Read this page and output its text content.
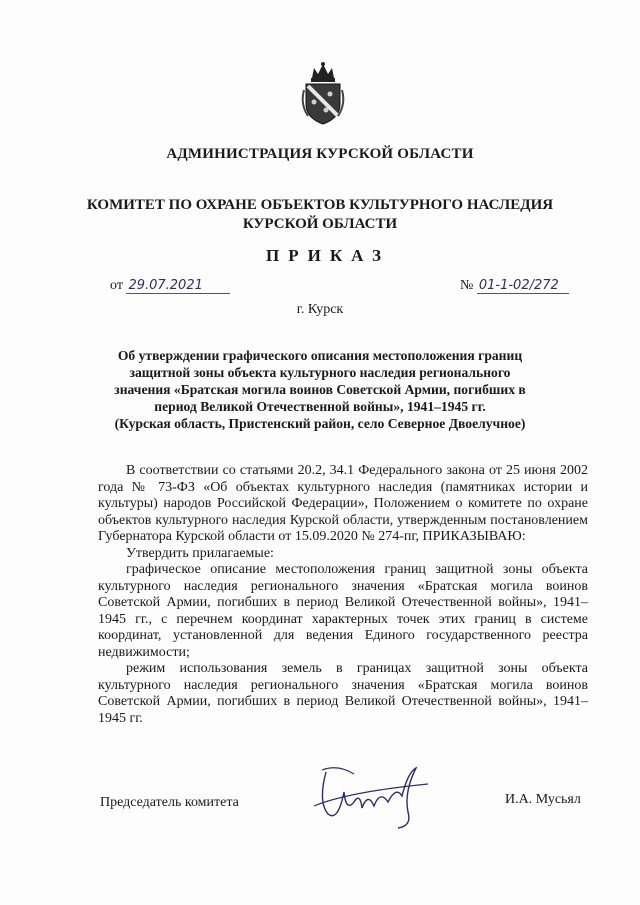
АДМИНИСТРАЦИЯ КУРСКОЙ ОБЛАСТИ
КОМИТЕТ ПО ОХРАНЕ ОБЪЕКТОВ КУЛЬТУРНОГО НАСЛЕДИЯ
КУРСКОЙ ОБЛАСТИ
ПРИКАЗ
от 29.07.2021	№ 01-1-02/272
г. Курск
Об утверждении графического описания местоположения границ
защитной зоны объекта культурного наследия регионального
значения «Братская могила воинов Советской Армии, погибших в
период Великой Отечественной войны», 1941–1945 гг.
(Курская область, Пристенский район, село Северное Двоелучное)

В соответствии со статьями 20.2, 34.1 Федерального закона от 25 июня 2002 года № 73-ФЗ «Об объектах культурного наследия (памятниках истории и культуры) народов Российской Федерации», Положением о комитете по охране объектов культурного наследия Курской области, утвержденным постановлением Губернатора Курской области от 15.09.2020 № 274-пг, ПРИКАЗЫВАЮ:

Утвердить прилагаемые:

графическое описание местоположения границ защитной зоны объекта культурного наследия регионального значения «Братская могила воинов Советской Армии, погибших в период Великой Отечественной войны», 1941–1945 гг., с перечнем координат характерных точек этих границ в системе координат, установленной для ведения Единого государственного реестра недвижимости;

режим использования земель в границах защитной зоны объекта культурного наследия регионального значения «Братская могила воинов Советской Армии, погибших в период Великой Отечественной войны», 1941–1945 гг.

Председатель комитета	И.А. Мусьял
